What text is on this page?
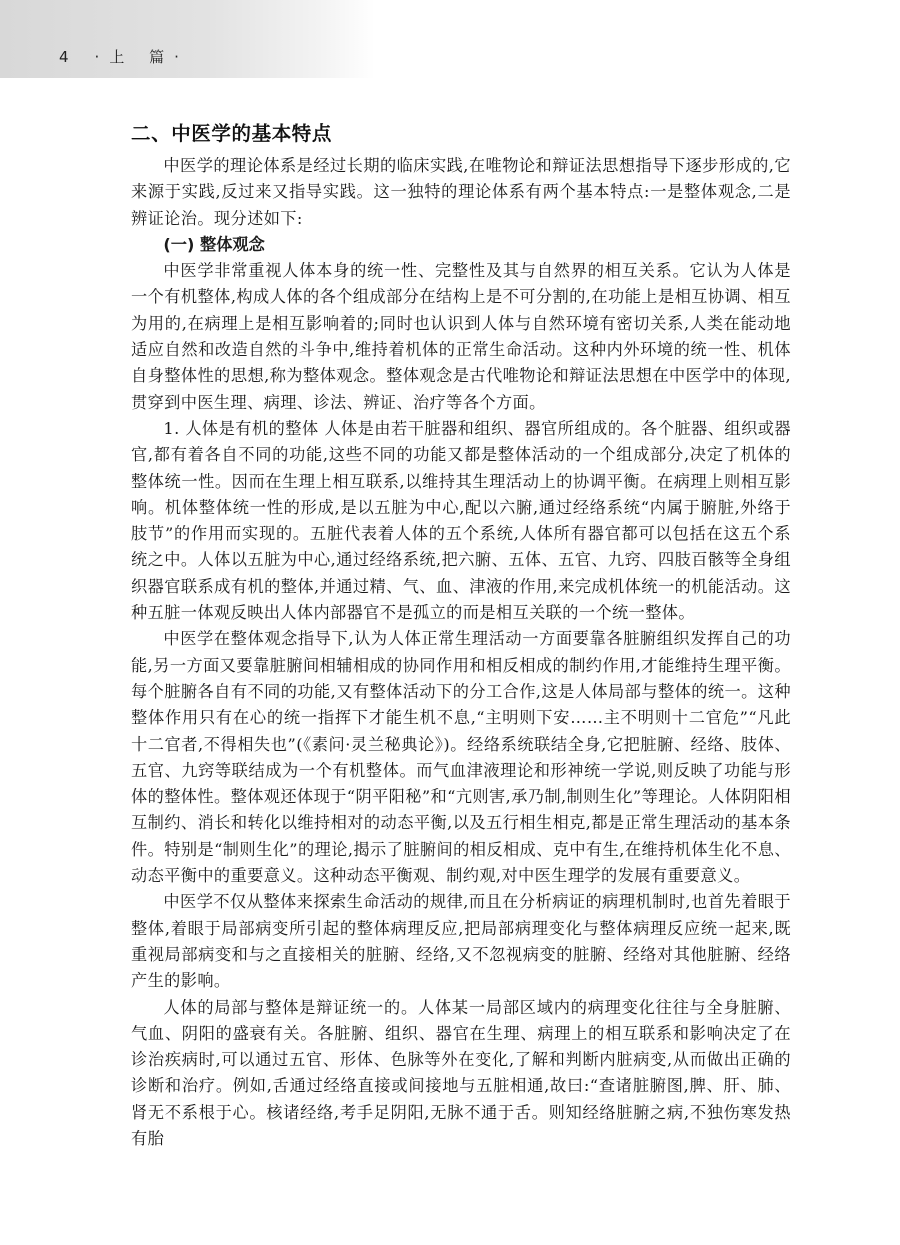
4 ·上 篇·
二、中医学的基本特点

中医学的理论体系是经过长期的临床实践,在唯物论和辩证法思想指导下逐步形成的,它来源于实践,反过来又指导实践。这一独特的理论体系有两个基本特点:一是整体观念,二是辨证论治。现分述如下:

(一) 整体观念

中医学非常重视人体本身的统一性、完整性及其与自然界的相互关系。它认为人体是一个有机整体,构成人体的各个组成部分在结构上是不可分割的,在功能上是相互协调、相互为用的,在病理上是相互影响着的;同时也认识到人体与自然环境有密切关系,人类在能动地适应自然和改造自然的斗争中,维持着机体的正常生命活动。这种内外环境的统一性、机体自身整体性的思想,称为整体观念。整体观念是古代唯物论和辩证法思想在中医学中的体现,贯穿到中医生理、病理、诊法、辨证、治疗等各个方面。

1. 人体是有机的整体 人体是由若干脏器和组织、器官所组成的。各个脏器、组织或器官,都有着各自不同的功能,这些不同的功能又都是整体活动的一个组成部分,决定了机体的整体统一性。因而在生理上相互联系,以维持其生理活动上的协调平衡。在病理上则相互影响。机体整体统一性的形成,是以五脏为中心,配以六腑,通过经络系统“内属于腑脏,外络于肢节”的作用而实现的。五脏代表着人体的五个系统,人体所有器官都可以包括在这五个系统之中。人体以五脏为中心,通过经络系统,把六腑、五体、五官、九窍、四肢百骸等全身组织器官联系成有机的整体,并通过精、气、血、津液的作用,来完成机体统一的机能活动。这种五脏一体观反映出人体内部器官不是孤立的而是相互关联的一个统一整体。

中医学在整体观念指导下,认为人体正常生理活动一方面要靠各脏腑组织发挥自己的功能,另一方面又要靠脏腑间相辅相成的协同作用和相反相成的制约作用,才能维持生理平衡。每个脏腑各自有不同的功能,又有整体活动下的分工合作,这是人体局部与整体的统一。这种整体作用只有在心的统一指挥下才能生机不息,“主明则下安……主不明则十二官危”“凡此十二官者,不得相失也”(《素问·灵兰秘典论》)。经络系统联结全身,它把脏腑、经络、肢体、五官、九窍等联结成为一个有机整体。而气血津液理论和形神统一学说,则反映了功能与形体的整体性。整体观还体现于“阴平阳秘”和“亢则害,承乃制,制则生化”等理论。人体阴阳相互制约、消长和转化以维持相对的动态平衡,以及五行相生相克,都是正常生理活动的基本条件。特别是“制则生化”的理论,揭示了脏腑间的相反相成、克中有生,在维持机体生化不息、动态平衡中的重要意义。这种动态平衡观、制约观,对中医生理学的发展有重要意义。

中医学不仅从整体来探索生命活动的规律,而且在分析病证的病理机制时,也首先着眼于整体,着眼于局部病变所引起的整体病理反应,把局部病理变化与整体病理反应统一起来,既重视局部病变和与之直接相关的脏腑、经络,又不忽视病变的脏腑、经络对其他脏腑、经络产生的影响。

人体的局部与整体是辩证统一的。人体某一局部区域内的病理变化往往与全身脏腑、气血、阴阳的盛衰有关。各脏腑、组织、器官在生理、病理上的相互联系和影响决定了在诊治疾病时,可以通过五官、形体、色脉等外在变化,了解和判断内脏病变,从而做出正确的诊断和治疗。例如,舌通过经络直接或间接地与五脏相通,故曰:“查诸脏腑图,脾、肝、肺、肾无不系根于心。核诸经络,考手足阴阳,无脉不通于舌。则知经络脏腑之病,不独伤寒发热有胎
